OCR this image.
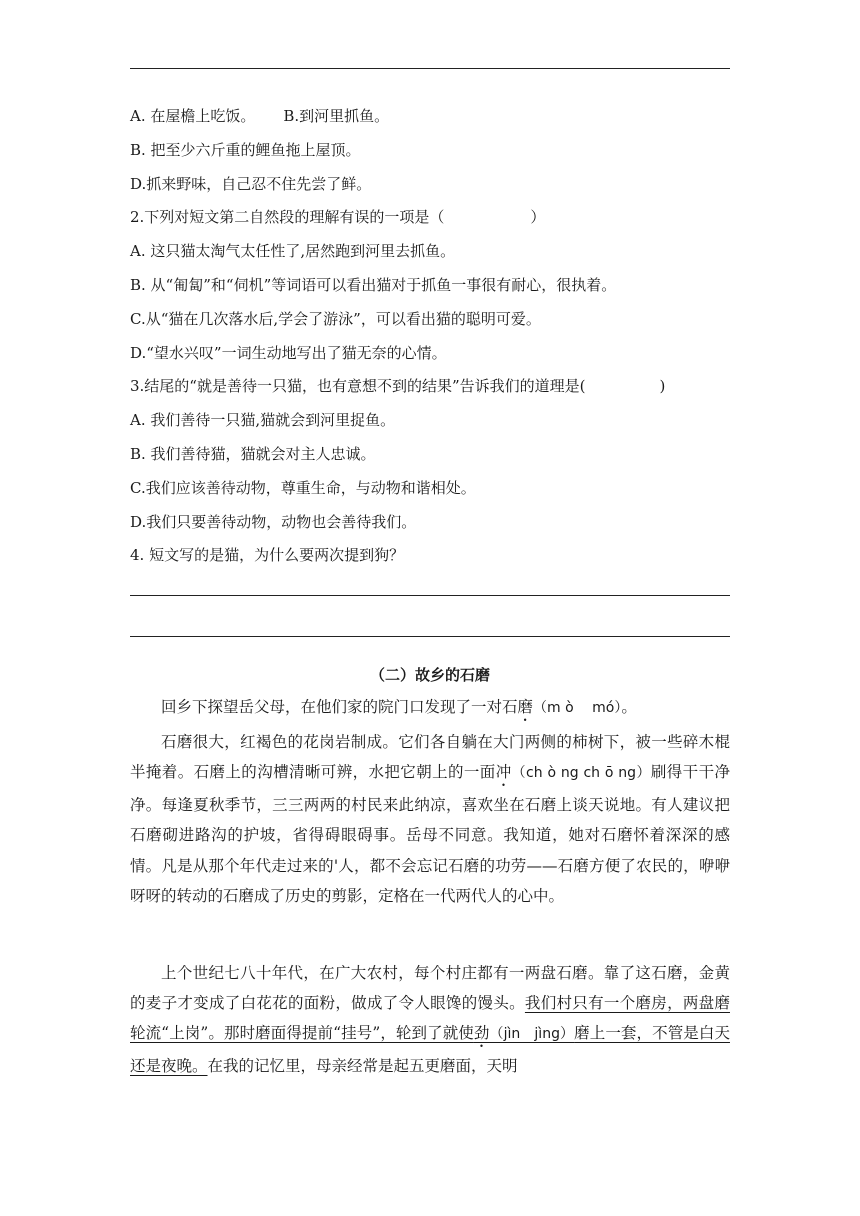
A. 在屋檐上吃饭。 B.到河里抓鱼。
B. 把至少六斤重的鲤鱼拖上屋顶。
D.抓来野味，自己忍不住先尝了鲜。
2.下列对短文第二自然段的理解有误的一项是（	）
A. 这只猫太淘气太任性了,居然跑到河里去抓鱼。
B. 从“匍匐”和“伺机”等词语可以看出猫对于抓鱼一事很有耐心，很执着。
C.从“猫在几次落水后,学会了游泳”，可以看出猫的聪明可爱。
D.“望水兴叹”一词生动地写出了猫无奈的心情。
3.结尾的“就是善待一只猫，也有意想不到的结果”告诉我们的道理是(	)
A. 我们善待一只猫,猫就会到河里捉鱼。
B. 我们善待猫，猫就会对主人忠诚。
C.我们应该善待动物，尊重生命，与动物和谐相处。
D.我们只要善待动物，动物也会善待我们。
4. 短文写的是猫，为什么要两次提到狗？
（二）故乡的石磨
回乡下探望岳父母，在他们家的院门口发现了一对石磨（m ò　 mó）。
石磨很大，红褐色的花岗岩制成。它们各自躺在大门两侧的柿树下，被一些碎木棍半掩着。石磨上的沟槽清晰可辨，水把它朝上的一面冲（ch ò ng ch ō ng）刷得干干净净。每逢夏秋季节，三三两两的村民来此纳凉，喜欢坐在石磨上谈天说地。有人建议把石磨砌进路沟的护坡，省得碍眼碍事。岳母不同意。我知道，她对石磨怀着深深的感情。凡是从那个年代走过来的'人，都不会忘记石磨的功劳——石磨方便了农民的，咿咿呀呀的转动的石磨成了历史的剪影，定格在一代两代人的心中。
上个世纪七八十年代，在广大农村，每个村庄都有一两盘石磨。靠了这石磨，金黄的麦子才变成了白花花的面粉，做成了令人眼馋的馒头。我们村只有一个磨房，两盘磨轮流“上岗”。那时磨面得提前“挂号”，轮到了就使劲（jìn　jìng）磨上一套，不管是白天还是夜晚。在我的记忆里，母亲经常是起五更磨面，天明
